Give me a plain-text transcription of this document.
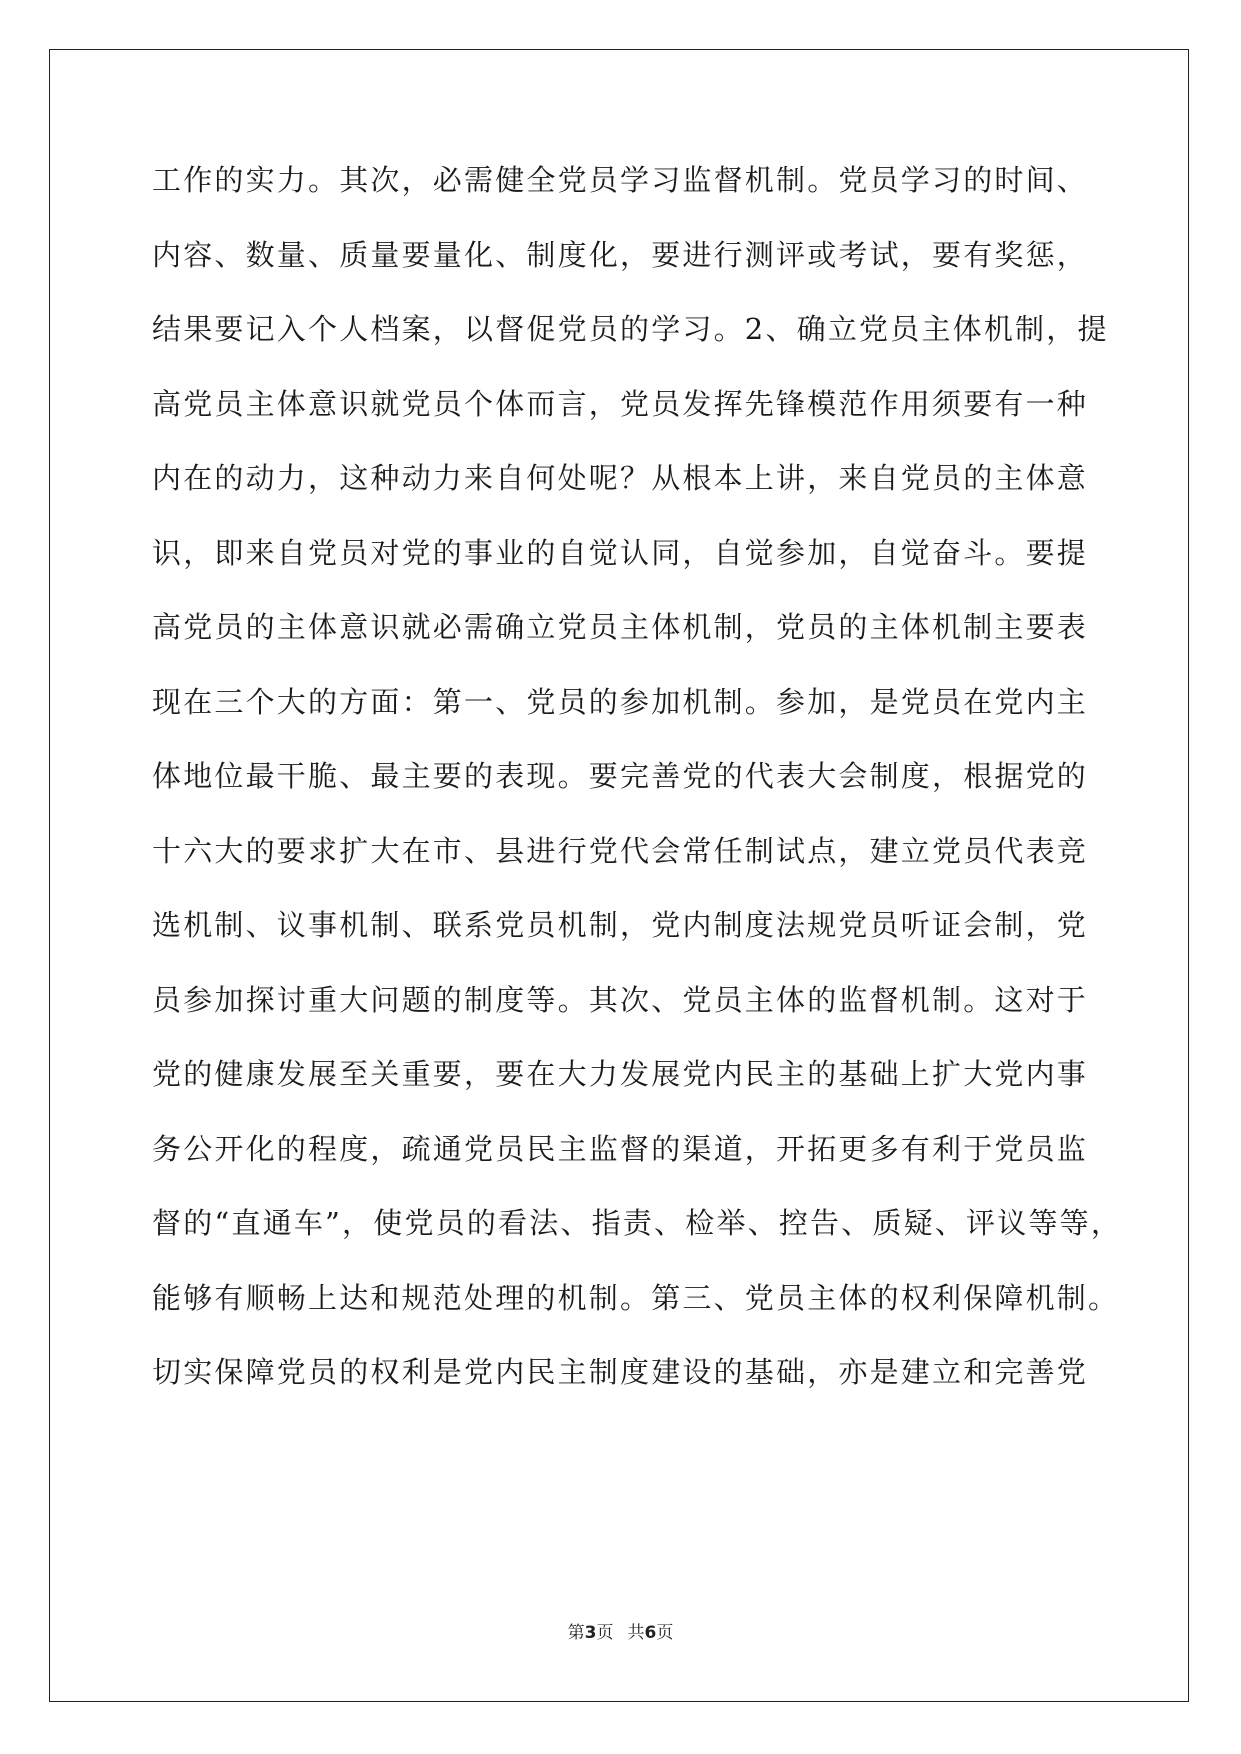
工作的实力。其次，必需健全党员学习监督机制。党员学习的时间、
内容、数量、质量要量化、制度化，要进行测评或考试，要有奖惩，
结果要记入个人档案，以督促党员的学习。2、确立党员主体机制，提
高党员主体意识就党员个体而言，党员发挥先锋模范作用须要有一种
内在的动力，这种动力来自何处呢？从根本上讲，来自党员的主体意
识，即来自党员对党的事业的自觉认同，自觉参加，自觉奋斗。要提
高党员的主体意识就必需确立党员主体机制，党员的主体机制主要表
现在三个大的方面：第一、党员的参加机制。参加，是党员在党内主
体地位最干脆、最主要的表现。要完善党的代表大会制度，根据党的
十六大的要求扩大在市、县进行党代会常任制试点，建立党员代表竞
选机制、议事机制、联系党员机制，党内制度法规党员听证会制，党
员参加探讨重大问题的制度等。其次、党员主体的监督机制。这对于
党的健康发展至关重要，要在大力发展党内民主的基础上扩大党内事
务公开化的程度，疏通党员民主监督的渠道，开拓更多有利于党员监
督的“直通车”，使党员的看法、指责、检举、控告、质疑、评议等等，
能够有顺畅上达和规范处理的机制。第三、党员主体的权利保障机制。
切实保障党员的权利是党内民主制度建设的基础，亦是建立和完善党
第3页 共6页
